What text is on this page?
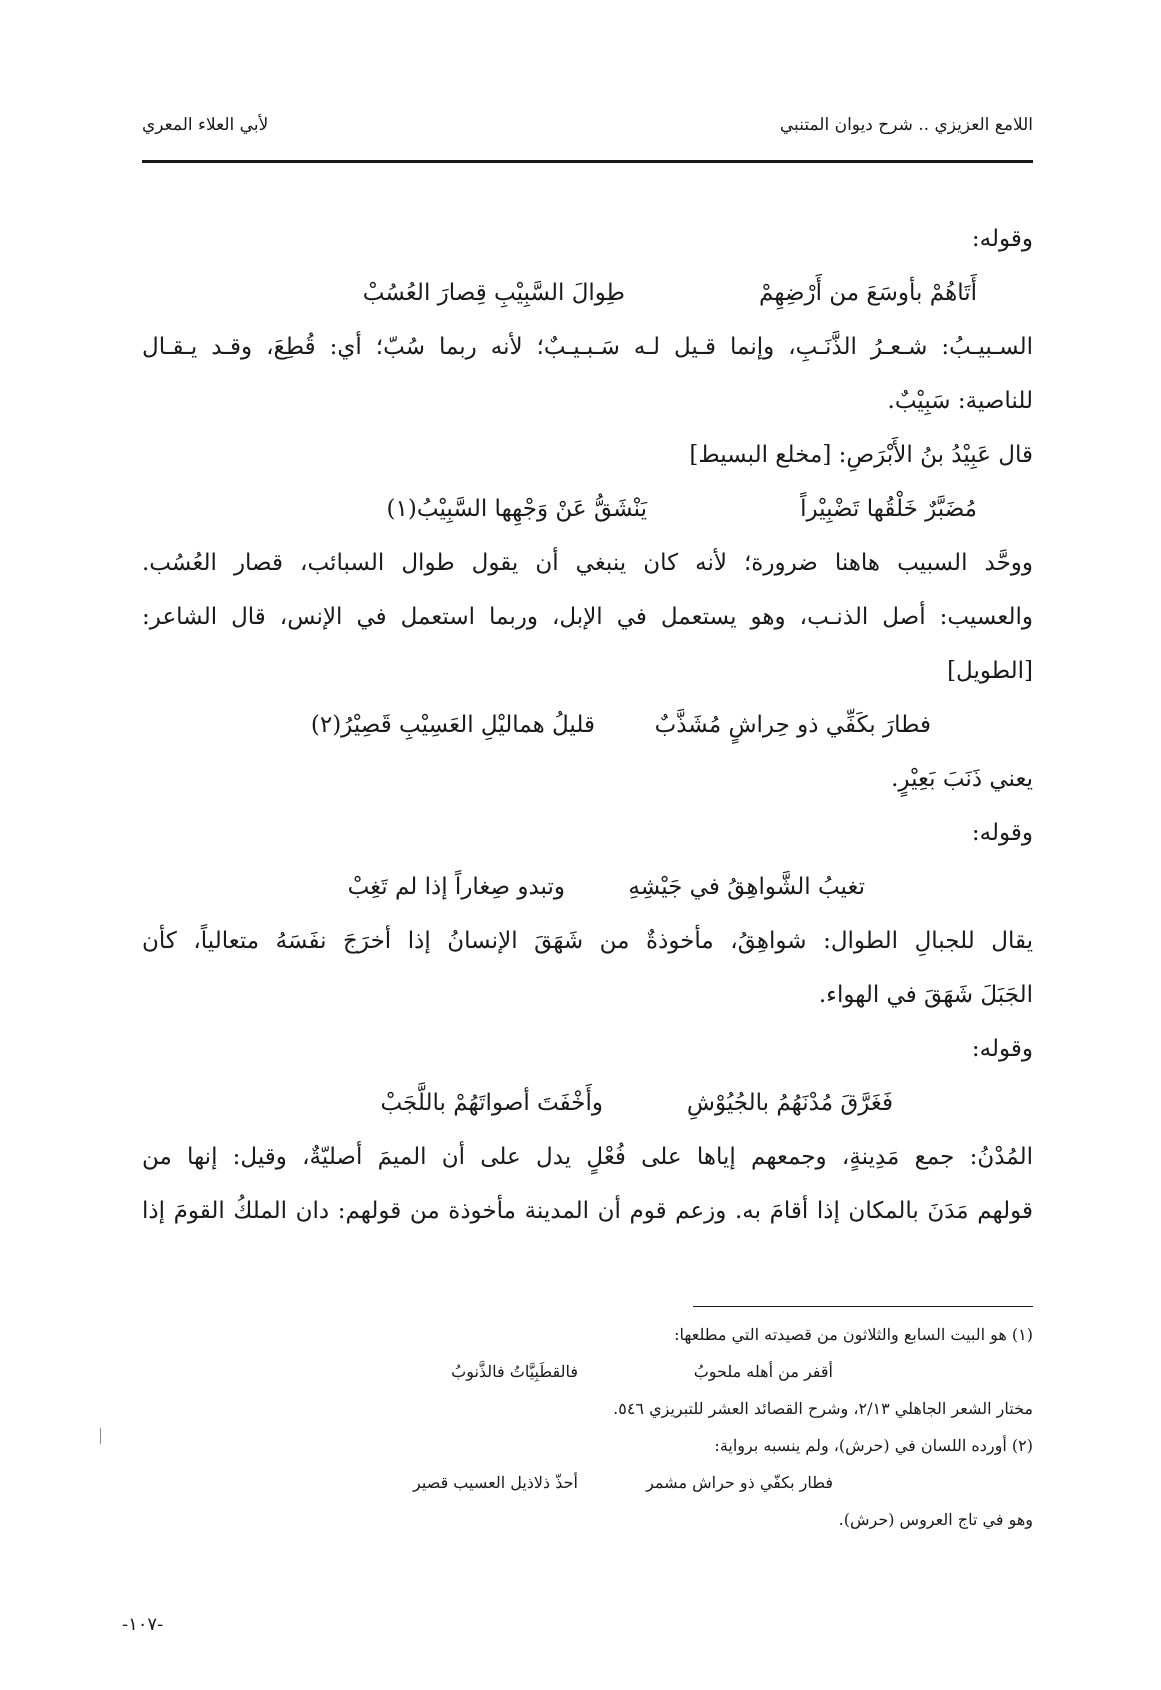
اللامع العزيزي .. شرح ديوان المتنبي
لأبي العلاء المعري
وقوله:
أَتَاهُمْ بأوسَعَ من أَرْضِهِمْ
طِوالَ السَّبِيْبِ قِصارَ العُسُبْ
السـبيـبُ: شـعـرُ الذَّنَـبِ، وإنما قـيل لـه سَـبـيـبٌ؛ لأنه ربما سُبّ؛ أي: قُطِعَ، وقـد يـقـال
للناصية: سَبِيْبٌ.
قال عَبِيْدُ بنُ الأَبْرَصِ: [مخلع البسيط]
مُضَبَّرٌ خَلْقُها تَضْبِيْراً
يَنْشَقُّ عَنْ وَجْهِها السَّبِيْبُ(١)
ووحَّد السبيب هاهنا ضرورة؛ لأنه كان ينبغي أن يقول طوال السبائب، قصار العُسُب.
والعسيب: أصل الذنـب، وهو يستعمل في الإبل، وربما استعمل في الإنس، قال الشاعر:
[الطويل]
فطارَ بكَفِّي ذو حِراشٍ مُشَذَّبٌ
قليلُ هماليْلِ العَسِيْبِ قَصِيْرُ(٢)
يعني ذَنَبَ بَعِيْرٍ.
وقوله:
تغيبُ الشَّواهِقُ في جَيْشِهِ
وتبدو صِغاراً إذا لم تَغِبْ
يقال للجبالِ الطوال: شواهِقُ، مأخوذةٌ من شَهَقَ الإنسانُ إذا أخرَجَ نفَسَهُ متعالياً، كأن
الجَبَلَ شَهَقَ في الهواء.
وقوله:
فَغَرَّقَ مُدْنَهُمُ بالجُيُوْشِ
وأَخْفَتَ أصواتَهُمْ باللَّجَبْ
المُدْنُ: جمع مَدِينةٍ، وجمعهم إياها على فُعْلٍ يدل على أن الميمَ أصليّةٌ، وقيل: إنها من
قولهم مَدَنَ بالمكان إذا أقامَ به. وزعم قوم أن المدينة مأخوذة من قولهم: دان الملكُ القومَ إذا
(١) هو البيت السابع والثلاثون من قصيدته التي مطلعها:
أقفر من أهله ملحوبُ
فالقطَبِيَّاتُ فالذَّنوبُ
مختار الشعر الجاهلي ٢/١٣، وشرح القصائد العشر للتبريزي ٥٤٦.
(٢) أورده اللسان في (حرش)، ولم ينسبه برواية:
فطار بكفّي ذو حراش مشمر
أحذّ ذلاذيل العسيب قصير
وهو في تاج العروس (حرش).
-١٠٧-
